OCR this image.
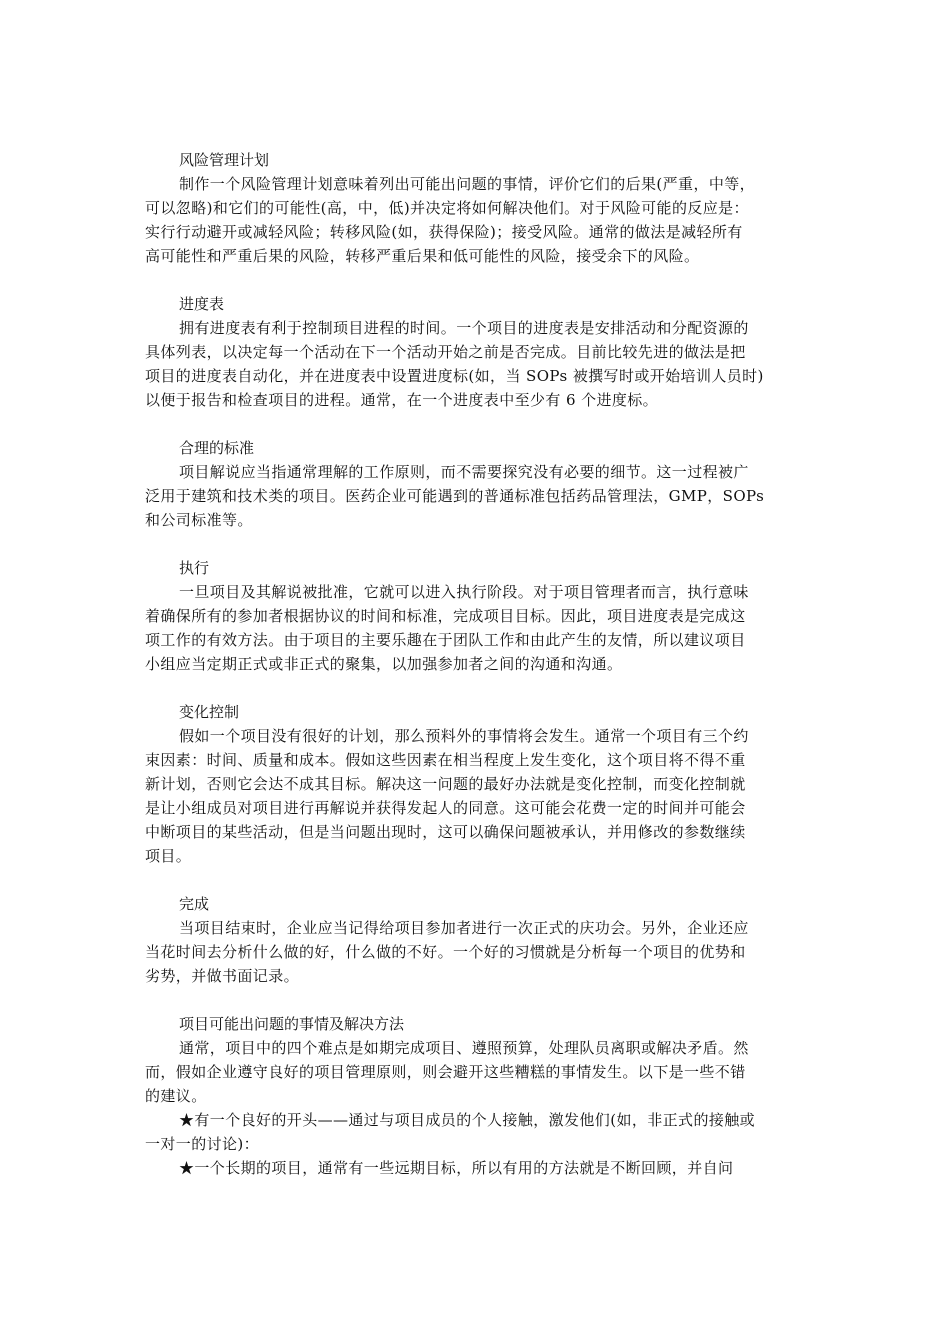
风险管理计划

制作一个风险管理计划意味着列出可能出问题的事情，评价它们的后果(严重，中等，
可以忽略)和它们的可能性(高，中，低)并决定将如何解决他们。对于风险可能的反应是：
实行行动避开或减轻风险；转移风险(如，获得保险)；接受风险。通常的做法是减轻所有
高可能性和严重后果的风险，转移严重后果和低可能性的风险，接受余下的风险。

进度表

拥有进度表有利于控制顼目进程的时间。一个项目的进度表是安排活动和分配资源的
具体列表，以决定每一个活动在下一个活动开始之前是否完成。目前比较先进的做法是把
项目的进度表自动化，并在进度表中设置进度标(如，当 SOPs 被撰写时或开始培训人员时)
以便于报告和检查项目的进程。通常，在一个进度表中至少有 6 个进度标。

合理的标准

项目解说应当指通常理解的工作原则，而不需要探究没有必要的细节。这一过程被广
泛用于建筑和技术类的项目。医药企业可能遇到的普通标准包括药品管理法，GMP，SOPs
和公司标准等。

执行

一旦项目及其解说被批准，它就可以进入执行阶段。对于项目管理者而言，执行意味
着确保所有的参加者根据协议的时间和标准，完成项目目标。因此，项目进度表是完成这
项工作的有效方法。由于项目的主要乐趣在于团队工作和由此产生的友情，所以建议项目
小组应当定期正式或非正式的聚集，以加强参加者之间的沟通和沟通。

变化控制

假如一个项目没有很好的计划，那么预料外的事情将会发生。通常一个项目有三个约
束因素：时间、质量和成本。假如这些因素在相当程度上发生变化，这个项目将不得不重
新计划，否则它会达不成其目标。解决这一问题的最好办法就是变化控制，而变化控制就
是让小组成员对项目进行再解说并获得发起人的同意。这可能会花费一定的时间并可能会
中断项目的某些活动，但是当问题出现时，这可以确保问题被承认，并用修改的参数继续
项目。

完成

当项目结束时，企业应当记得给项目参加者进行一次正式的庆功会。另外，企业还应
当花时间去分析什么做的好，什么做的不好。一个好的习惯就是分析每一个项目的优势和
劣势，并做书面记录。

项目可能出问题的事情及解决方法

通常，项目中的四个难点是如期完成项目、遵照预算，处理队员离职或解决矛盾。然
而，假如企业遵守良好的项目管理原则，则会避开这些糟糕的事情发生。以下是一些不错
的建议。

★有一个良好的开头——通过与项目成员的个人接触，激发他们(如，非正式的接触或
一对一的讨论)：

★一个长期的项目，通常有一些远期目标，所以有用的方法就是不断回顾，并自问
